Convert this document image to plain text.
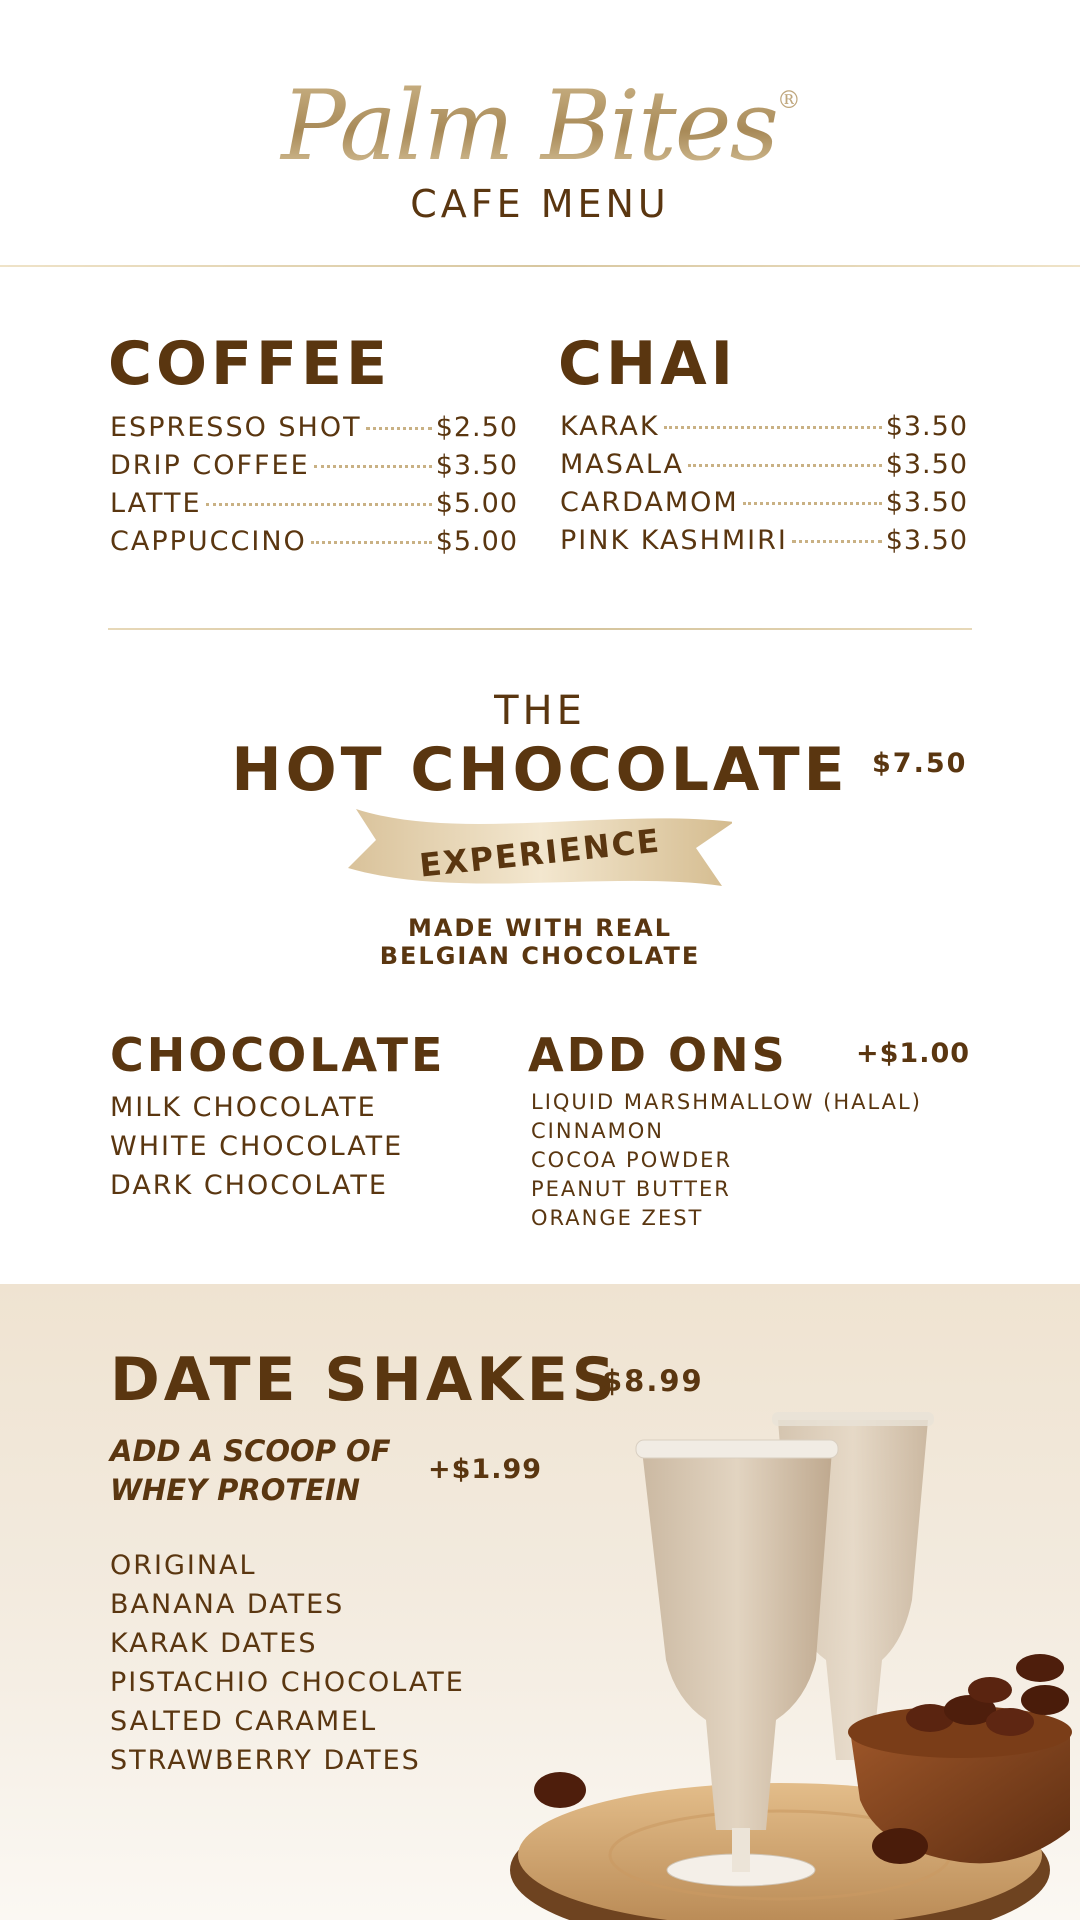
Palm Bites®
CAFE MENU
COFFEE
ESPRESSO SHOT	$2.50
DRIP COFFEE	$3.50
LATTE	$5.00
CAPPUCCINO	$5.00
CHAI
KARAK	$3.50
MASALA	$3.50
CARDAMOM	$3.50
PINK KASHMIRI	$3.50
THE
HOT CHOCOLATE $7.50
EXPERIENCE
MADE WITH REAL
BELGIAN CHOCOLATE
CHOCOLATE
MILK CHOCOLATE
WHITE CHOCOLATE
DARK CHOCOLATE
ADD ONS	+$1.00
LIQUID MARSHMALLOW (HALAL)
CINNAMON
COCOA POWDER
PEANUT BUTTER
ORANGE ZEST
DATE SHAKES
$8.99
ADD A SCOOP OF
WHEY PROTEIN
+$1.99
ORIGINAL
BANANA DATES
KARAK DATES
PISTACHIO CHOCOLATE
SALTED CARAMEL
STRAWBERRY DATES
